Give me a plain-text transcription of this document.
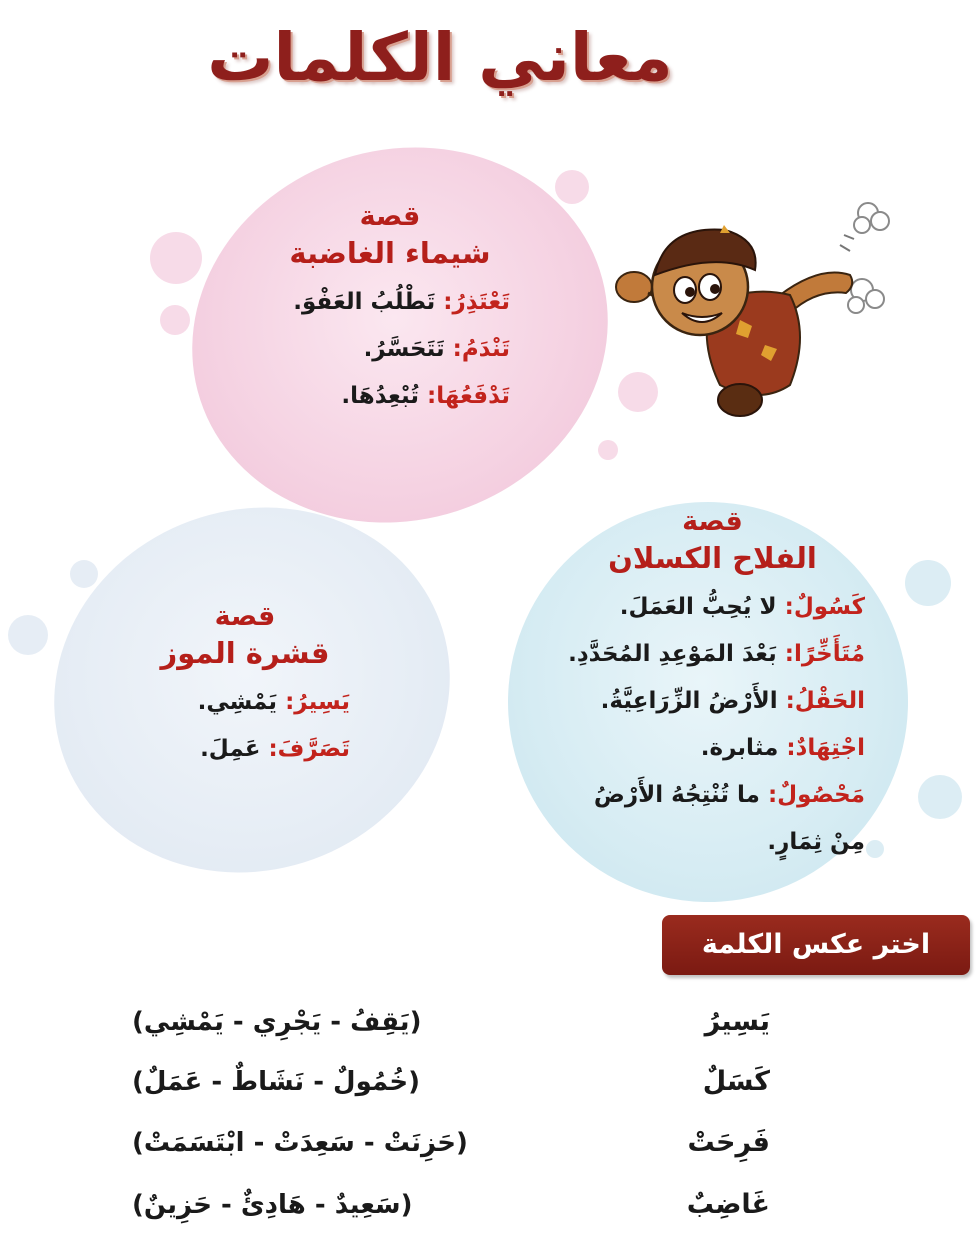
معاني الكلمات
قصة
شيماء الغاضبة
تَعْتَذِرُ: تَطْلُبُ العَفْوَ.
تَنْدَمُ: تَتَحَسَّرُ.
تَدْفَعُهَا: تُبْعِدُهَا.
قصة
الفلاح الكسلان
كَسُولٌ: لا يُحِبُّ العَمَلَ.
مُتَأَخِّرًا: بَعْدَ المَوْعِدِ المُحَدَّدِ.
الحَقْلُ: الأَرْضُ الزِّرَاعِيَّةُ.
اجْتِهَادٌ: مثابرة.
مَحْصُولٌ: ما تُنْتِجُهُ الأَرْضُ
مِنْ ثِمَارٍ.
قصة
قشرة الموز
يَسِيرُ: يَمْشِي.
تَصَرَّفَ: عَمِلَ.
اختر عكس الكلمة
يَسِيرُ
(يَقِفُ - يَجْرِي - يَمْشِي)
كَسَلٌ
(خُمُولٌ - نَشَاطٌ - عَمَلٌ)
فَرِحَتْ
(حَزِنَتْ - سَعِدَتْ - ابْتَسَمَتْ)
غَاضِبٌ
(سَعِيدٌ - هَادِئٌ - حَزِينٌ)
